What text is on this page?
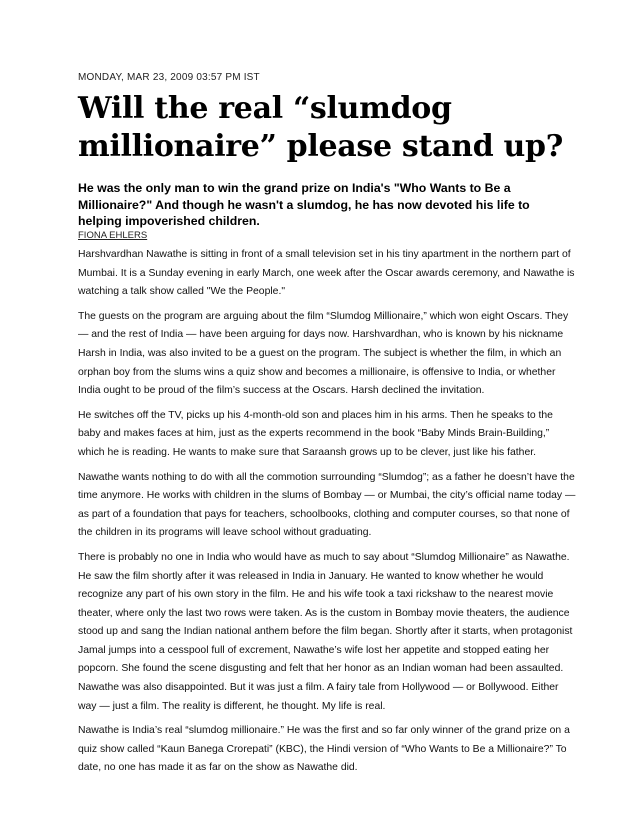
MONDAY, MAR 23, 2009 03:57 PM IST
Will the real “slumdog millionaire” please stand up?

He was the only man to win the grand prize on India's "Who Wants to Be a Millionaire?" And though he wasn't a slumdog, he has now devoted his life to helping impoverished children.

FIONA EHLERS

Harshvardhan Nawathe is sitting in front of a small television set in his tiny apartment in the northern part of Mumbai. It is a Sunday evening in early March, one week after the Oscar awards ceremony, and Nawathe is watching a talk show called "We the People."

The guests on the program are arguing about the film “Slumdog Millionaire,” which won eight Oscars. They — and the rest of India — have been arguing for days now. Harshvardhan, who is known by his nickname Harsh in India, was also invited to be a guest on the program. The subject is whether the film, in which an orphan boy from the slums wins a quiz show and becomes a millionaire, is offensive to India, or whether India ought to be proud of the film’s success at the Oscars. Harsh declined the invitation.

He switches off the TV, picks up his 4-month-old son and places him in his arms. Then he speaks to the baby and makes faces at him, just as the experts recommend in the book “Baby Minds Brain-Building,” which he is reading. He wants to make sure that Saraansh grows up to be clever, just like his father.

Nawathe wants nothing to do with all the commotion surrounding “Slumdog”; as a father he doesn’t have the time anymore. He works with children in the slums of Bombay — or Mumbai, the city’s official name today — as part of a foundation that pays for teachers, schoolbooks, clothing and computer courses, so that none of the children in its programs will leave school without graduating.

There is probably no one in India who would have as much to say about “Slumdog Millionaire” as Nawathe. He saw the film shortly after it was released in India in January. He wanted to know whether he would recognize any part of his own story in the film. He and his wife took a taxi rickshaw to the nearest movie theater, where only the last two rows were taken. As is the custom in Bombay movie theaters, the audience stood up and sang the Indian national anthem before the film began. Shortly after it starts, when protagonist Jamal jumps into a cesspool full of excrement, Nawathe’s wife lost her appetite and stopped eating her popcorn. She found the scene disgusting and felt that her honor as an Indian woman had been assaulted. Nawathe was also disappointed. But it was just a film. A fairy tale from Hollywood — or Bollywood. Either way — just a film. The reality is different, he thought. My life is real.

Nawathe is India’s real “slumdog millionaire.” He was the first and so far only winner of the grand prize on a quiz show called “Kaun Banega Crorepati” (KBC), the Hindi version of “Who Wants to Be a Millionaire?” To date, no one has made it as far on the show as Nawathe did.
